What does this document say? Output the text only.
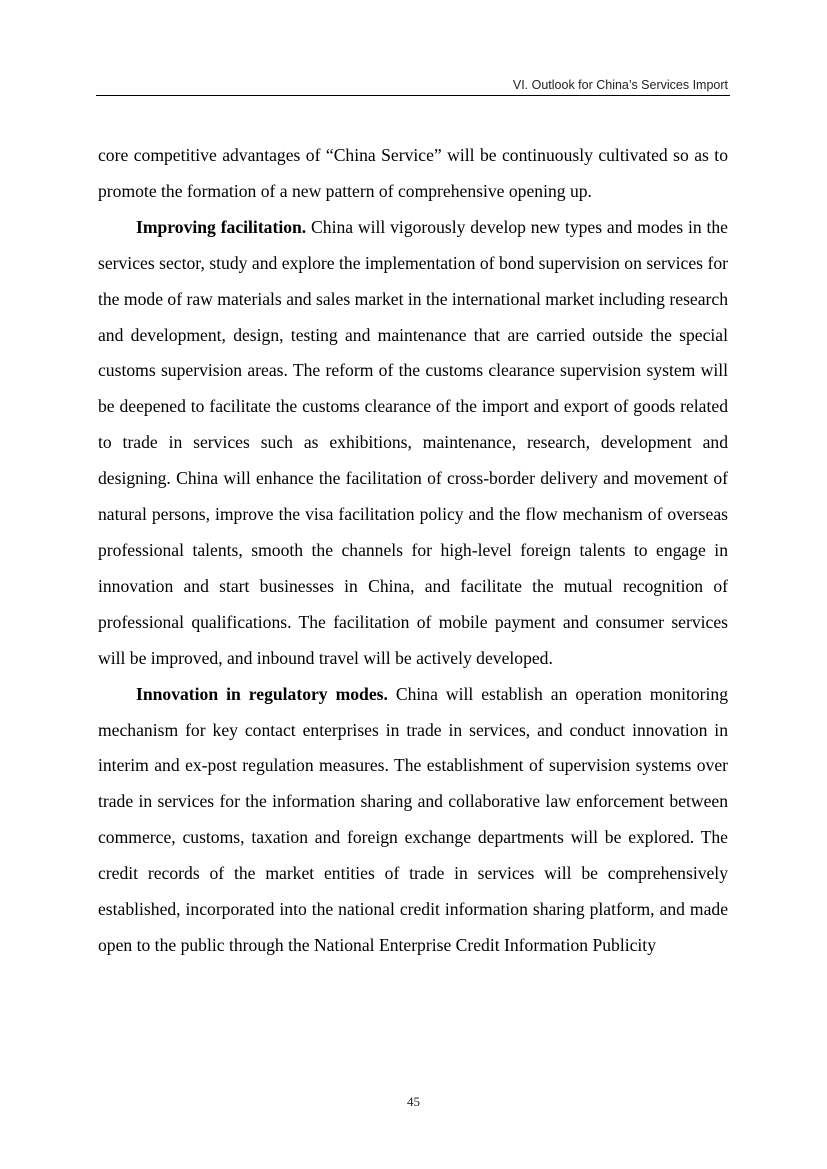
VI. Outlook for China’s Services Import

core competitive advantages of “China Service” will be continuously cultivated so as to promote the formation of a new pattern of comprehensive opening up.

Improving facilitation. China will vigorously develop new types and modes in the services sector, study and explore the implementation of bond supervision on services for the mode of raw materials and sales market in the international market including research and development, design, testing and maintenance that are carried outside the special customs supervision areas. The reform of the customs clearance supervision system will be deepened to facilitate the customs clearance of the import and export of goods related to trade in services such as exhibitions, maintenance, research, development and designing. China will enhance the facilitation of cross-border delivery and movement of natural persons, improve the visa facilitation policy and the flow mechanism of overseas professional talents, smooth the channels for high-level foreign talents to engage in innovation and start businesses in China, and facilitate the mutual recognition of professional qualifications. The facilitation of mobile payment and consumer services will be improved, and inbound travel will be actively developed.

Innovation in regulatory modes. China will establish an operation monitoring mechanism for key contact enterprises in trade in services, and conduct innovation in interim and ex-post regulation measures. The establishment of supervision systems over trade in services for the information sharing and collaborative law enforcement between commerce, customs, taxation and foreign exchange departments will be explored. The credit records of the market entities of trade in services will be comprehensively established, incorporated into the national credit information sharing platform, and made open to the public through the National Enterprise Credit Information Publicity

45
